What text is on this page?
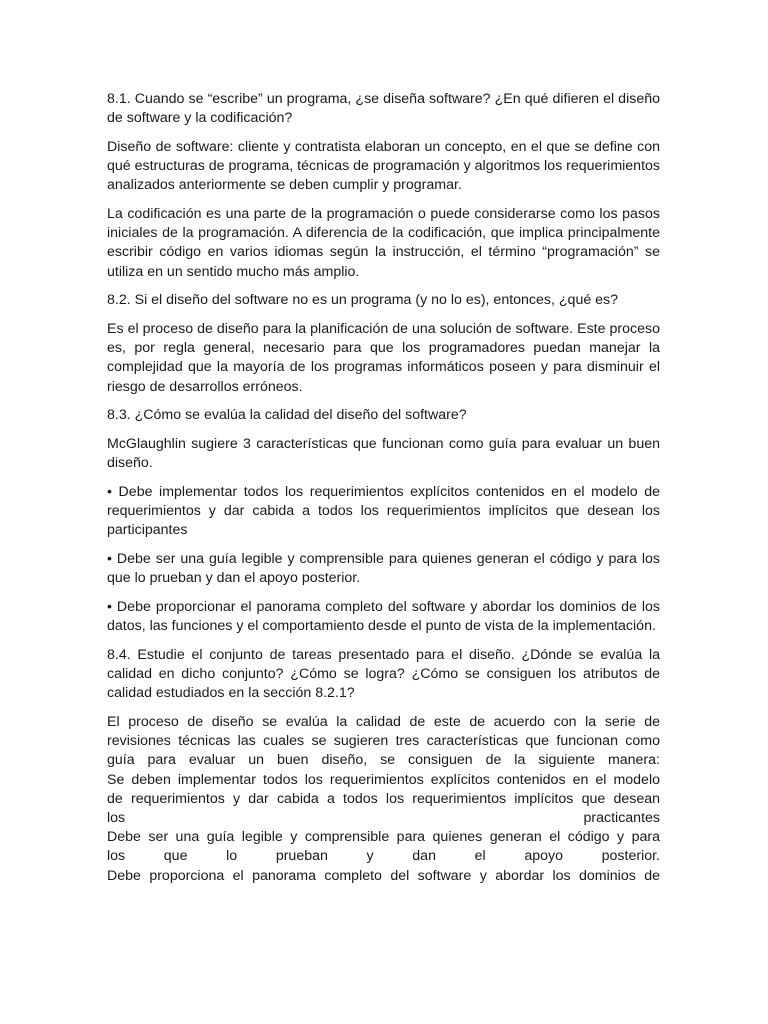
8.1. Cuando se “escribe” un programa, ¿se diseña software? ¿En qué difieren el diseño de software y la codificación?

Diseño de software: cliente y contratista elaboran un concepto, en el que se define con qué estructuras de programa, técnicas de programación y algoritmos los requerimientos analizados anteriormente se deben cumplir y programar.

La codificación es una parte de la programación o puede considerarse como los pasos iniciales de la programación. A diferencia de la codificación, que implica principalmente escribir código en varios idiomas según la instrucción, el término “programación” se utiliza en un sentido mucho más amplio.

8.2. Si el diseño del software no es un programa (y no lo es), entonces, ¿qué es?

Es el proceso de diseño para la planificación de una solución de software. Este proceso es, por regla general, necesario para que los programadores puedan manejar la complejidad que la mayoría de los programas informáticos poseen y para disminuir el riesgo de desarrollos erróneos.

8.3. ¿Cómo se evalúa la calidad del diseño del software?

McGlaughlin sugiere 3 características que funcionan como guía para evaluar un buen diseño.

• Debe implementar todos los requerimientos explícitos contenidos en el modelo de requerimientos y dar cabida a todos los requerimientos implícitos que desean los participantes

• Debe ser una guía legible y comprensible para quienes generan el código y para los que lo prueban y dan el apoyo posterior.

• Debe proporcionar el panorama completo del software y abordar los dominios de los datos, las funciones y el comportamiento desde el punto de vista de la implementación.

8.4. Estudie el conjunto de tareas presentado para el diseño. ¿Dónde se evalúa la calidad en dicho conjunto? ¿Cómo se logra? ¿Cómo se consiguen los atributos de calidad estudiados en la sección 8.2.1?

El proceso de diseño se evalúa la calidad de este de acuerdo con la serie de
revisiones técnicas las cuales se sugieren tres características que funcionan como
guía para evaluar un buen diseño, se consiguen de la siguiente manera:
Se deben implementar todos los requerimientos explícitos contenidos en el modelo
de requerimientos y dar cabida a todos los requerimientos implícitos que desean
los practicantes
Debe ser una guía legible y comprensible para quienes generan el código y para
los que lo prueban y dan el apoyo posterior.
Debe proporciona el panorama completo del software y abordar los dominios de
